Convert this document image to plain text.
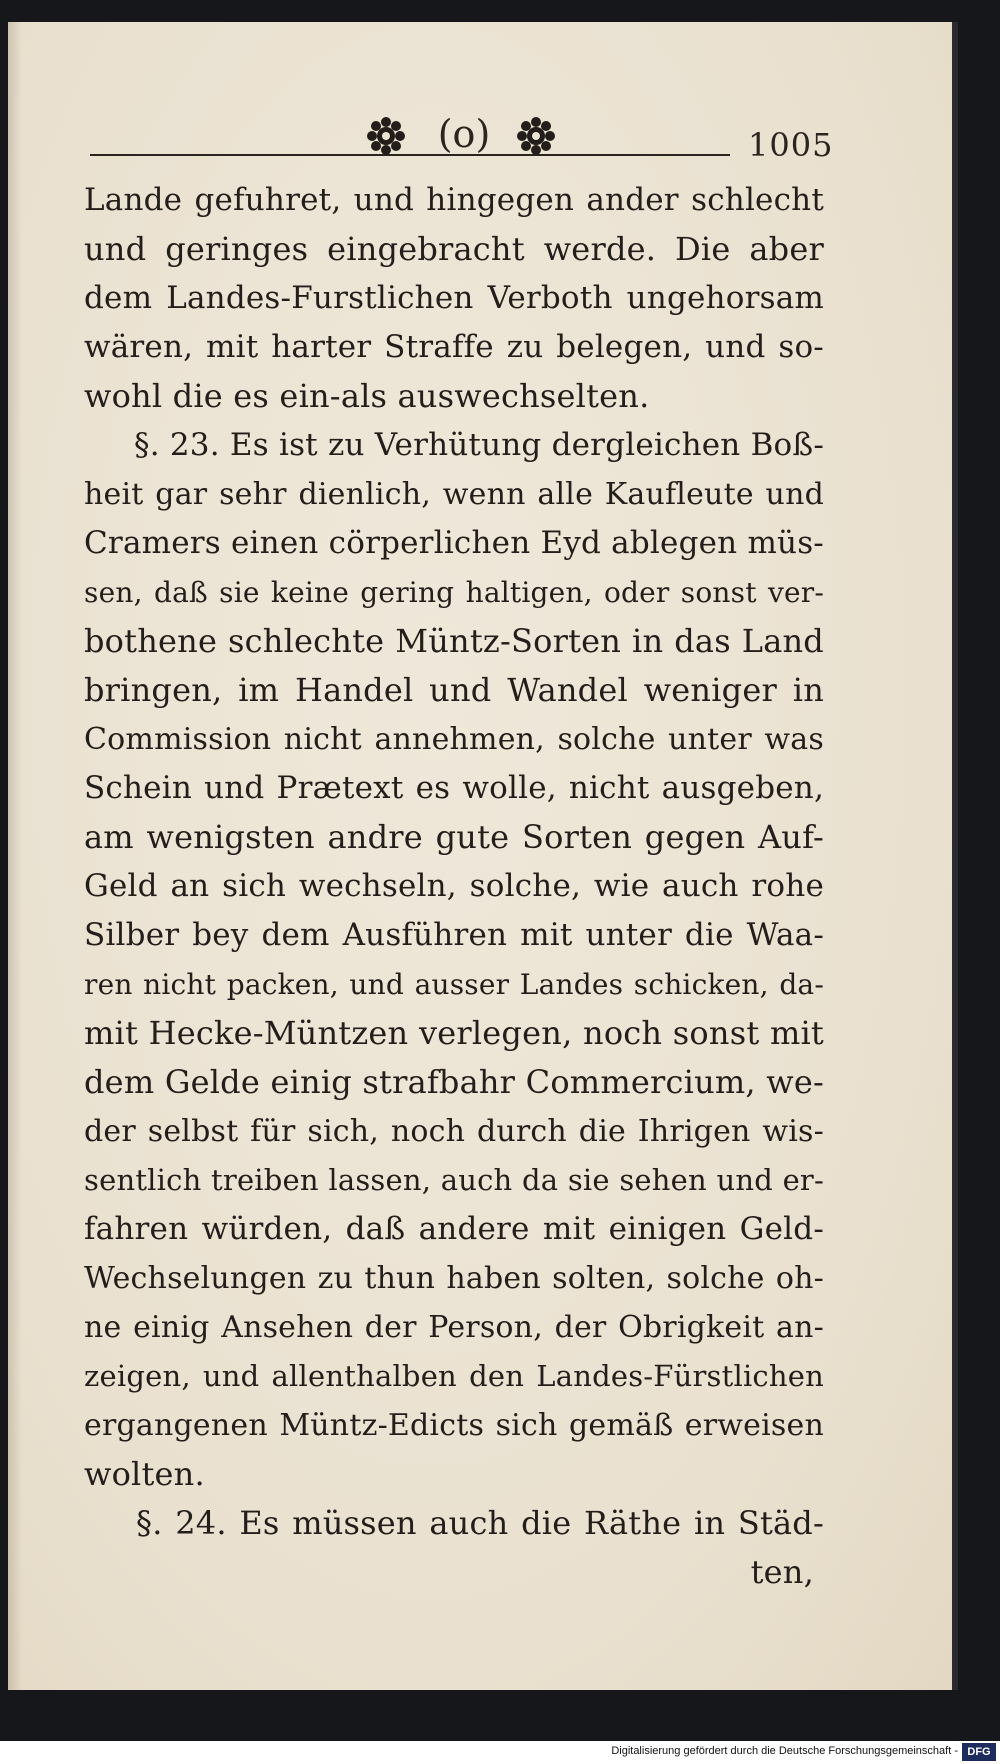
(o)	1005
Lande gefuhret, und hingegen ander schlecht
und geringes eingebracht werde. Die aber
dem Landes-Furstlichen Verboth ungehorsam
wären, mit harter Straffe zu belegen, und so-
wohl die es ein-als auswechselten.
§. 23. Es ist zu Verhütung dergleichen Boß-
heit gar sehr dienlich, wenn alle Kaufleute und
Cramers einen cörperlichen Eyd ablegen müs-
sen, daß sie keine gering haltigen, oder sonst ver-
bothene schlechte Müntz-Sorten in das Land
bringen, im Handel und Wandel weniger in
Commission nicht annehmen, solche unter was
Schein und Prætext es wolle, nicht ausgeben,
am wenigsten andre gute Sorten gegen Auf-
Geld an sich wechseln, solche, wie auch rohe
Silber bey dem Ausführen mit unter die Waa-
ren nicht packen, und ausser Landes schicken, da-
mit Hecke-Müntzen verlegen, noch sonst mit
dem Gelde einig strafbahr Commercium, we-
der selbst für sich, noch durch die Ihrigen wis-
sentlich treiben lassen, auch da sie sehen und er-
fahren würden, daß andere mit einigen Geld-
Wechselungen zu thun haben solten, solche oh-
ne einig Ansehen der Person, der Obrigkeit an-
zeigen, und allenthalben den Landes-Fürstlichen
ergangenen Müntz-Edicts sich gemäß erweisen
wolten.
§. 24. Es müssen auch die Räthe in Städ-
ten,
Digitalisierung gefördert durch die Deutsche Forschungsgemeinschaft - DFG
